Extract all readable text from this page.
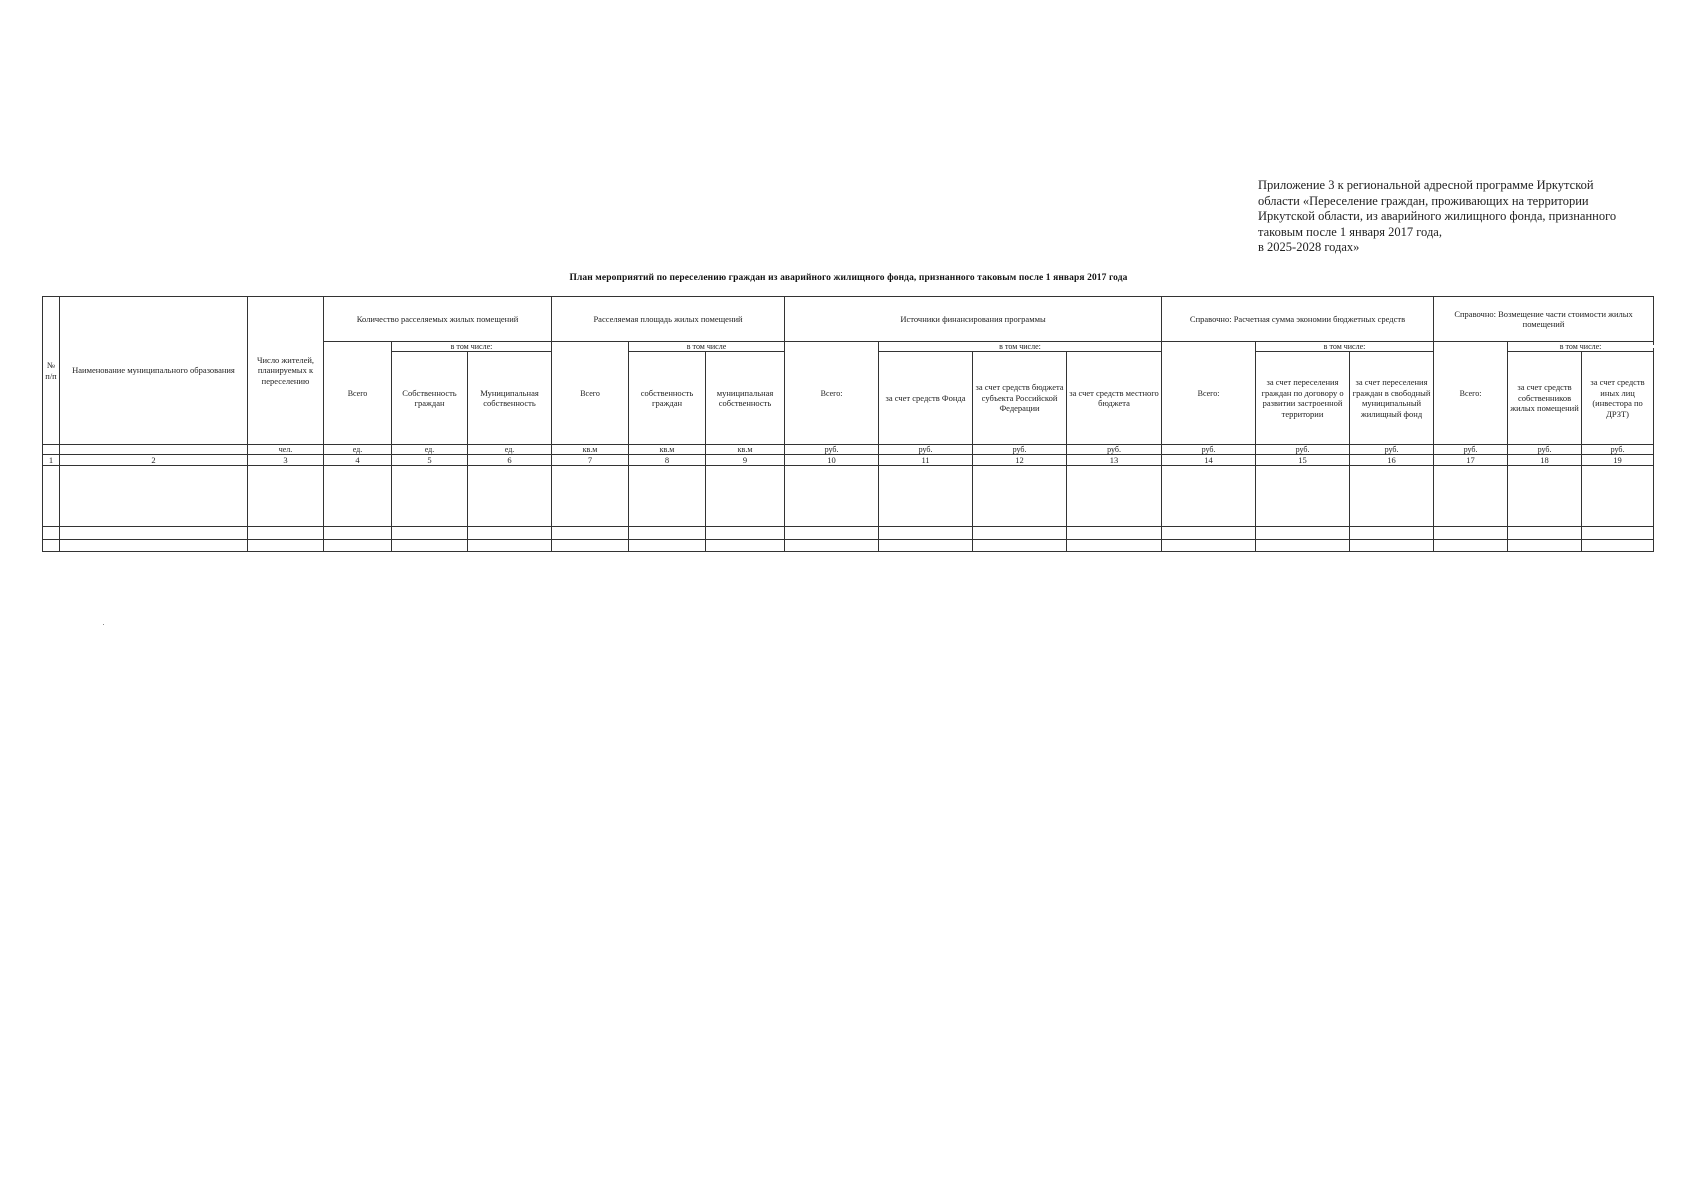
Приложение 3 к региональной адресной программе Иркутской
области «Переселение граждан, проживающих на территории
Иркутской области, из аварийного жилищного фонда, признанного
таковым после 1 января 2017 года,
в 2025-2028 годах»
План мероприятий по переселению граждан из аварийного жилищного фонда, признанного таковым после 1 января 2017 года
№ п/п	Наименование муниципального образования	Число жителей, планируемых к переселению	Количество расселяемых жилых помещений			Расселяемая площадь жилых помещений			Источники финансирования программы				Справочно: Расчетная сумма экономии бюджетных средств			Справочно: Возмещение части стоимости жилых помещений		
			Всего	в том числе:		Всего	в том числе		Всего:	в том числе:			Всего:	в том числе:		Всего:	в том числе:	
				Собственность граждан	Муниципальная собственность		собственность граждан	муниципальная собственность		за счет средств Фонда	за счет средств бюджета субъекта Российской Федерации	за счет средств местного бюджета		за счет переселения граждан по договору о развитии застроенной территории	за счет переселения граждан в свободный муниципальный жилищный фонд		за счет средств собственников жилых помещений	за счет средств иных лиц (инвестора по ДРЗТ)
		чел.	ед.	ед.	ед.	кв.м	кв.м	кв.м	руб.	руб.	руб.	руб.	руб.	руб.	руб.	руб.	руб.	руб.
1	2	3	4	5	6	7	8	9	10	11	12	13	14	15	16	17	18	19
